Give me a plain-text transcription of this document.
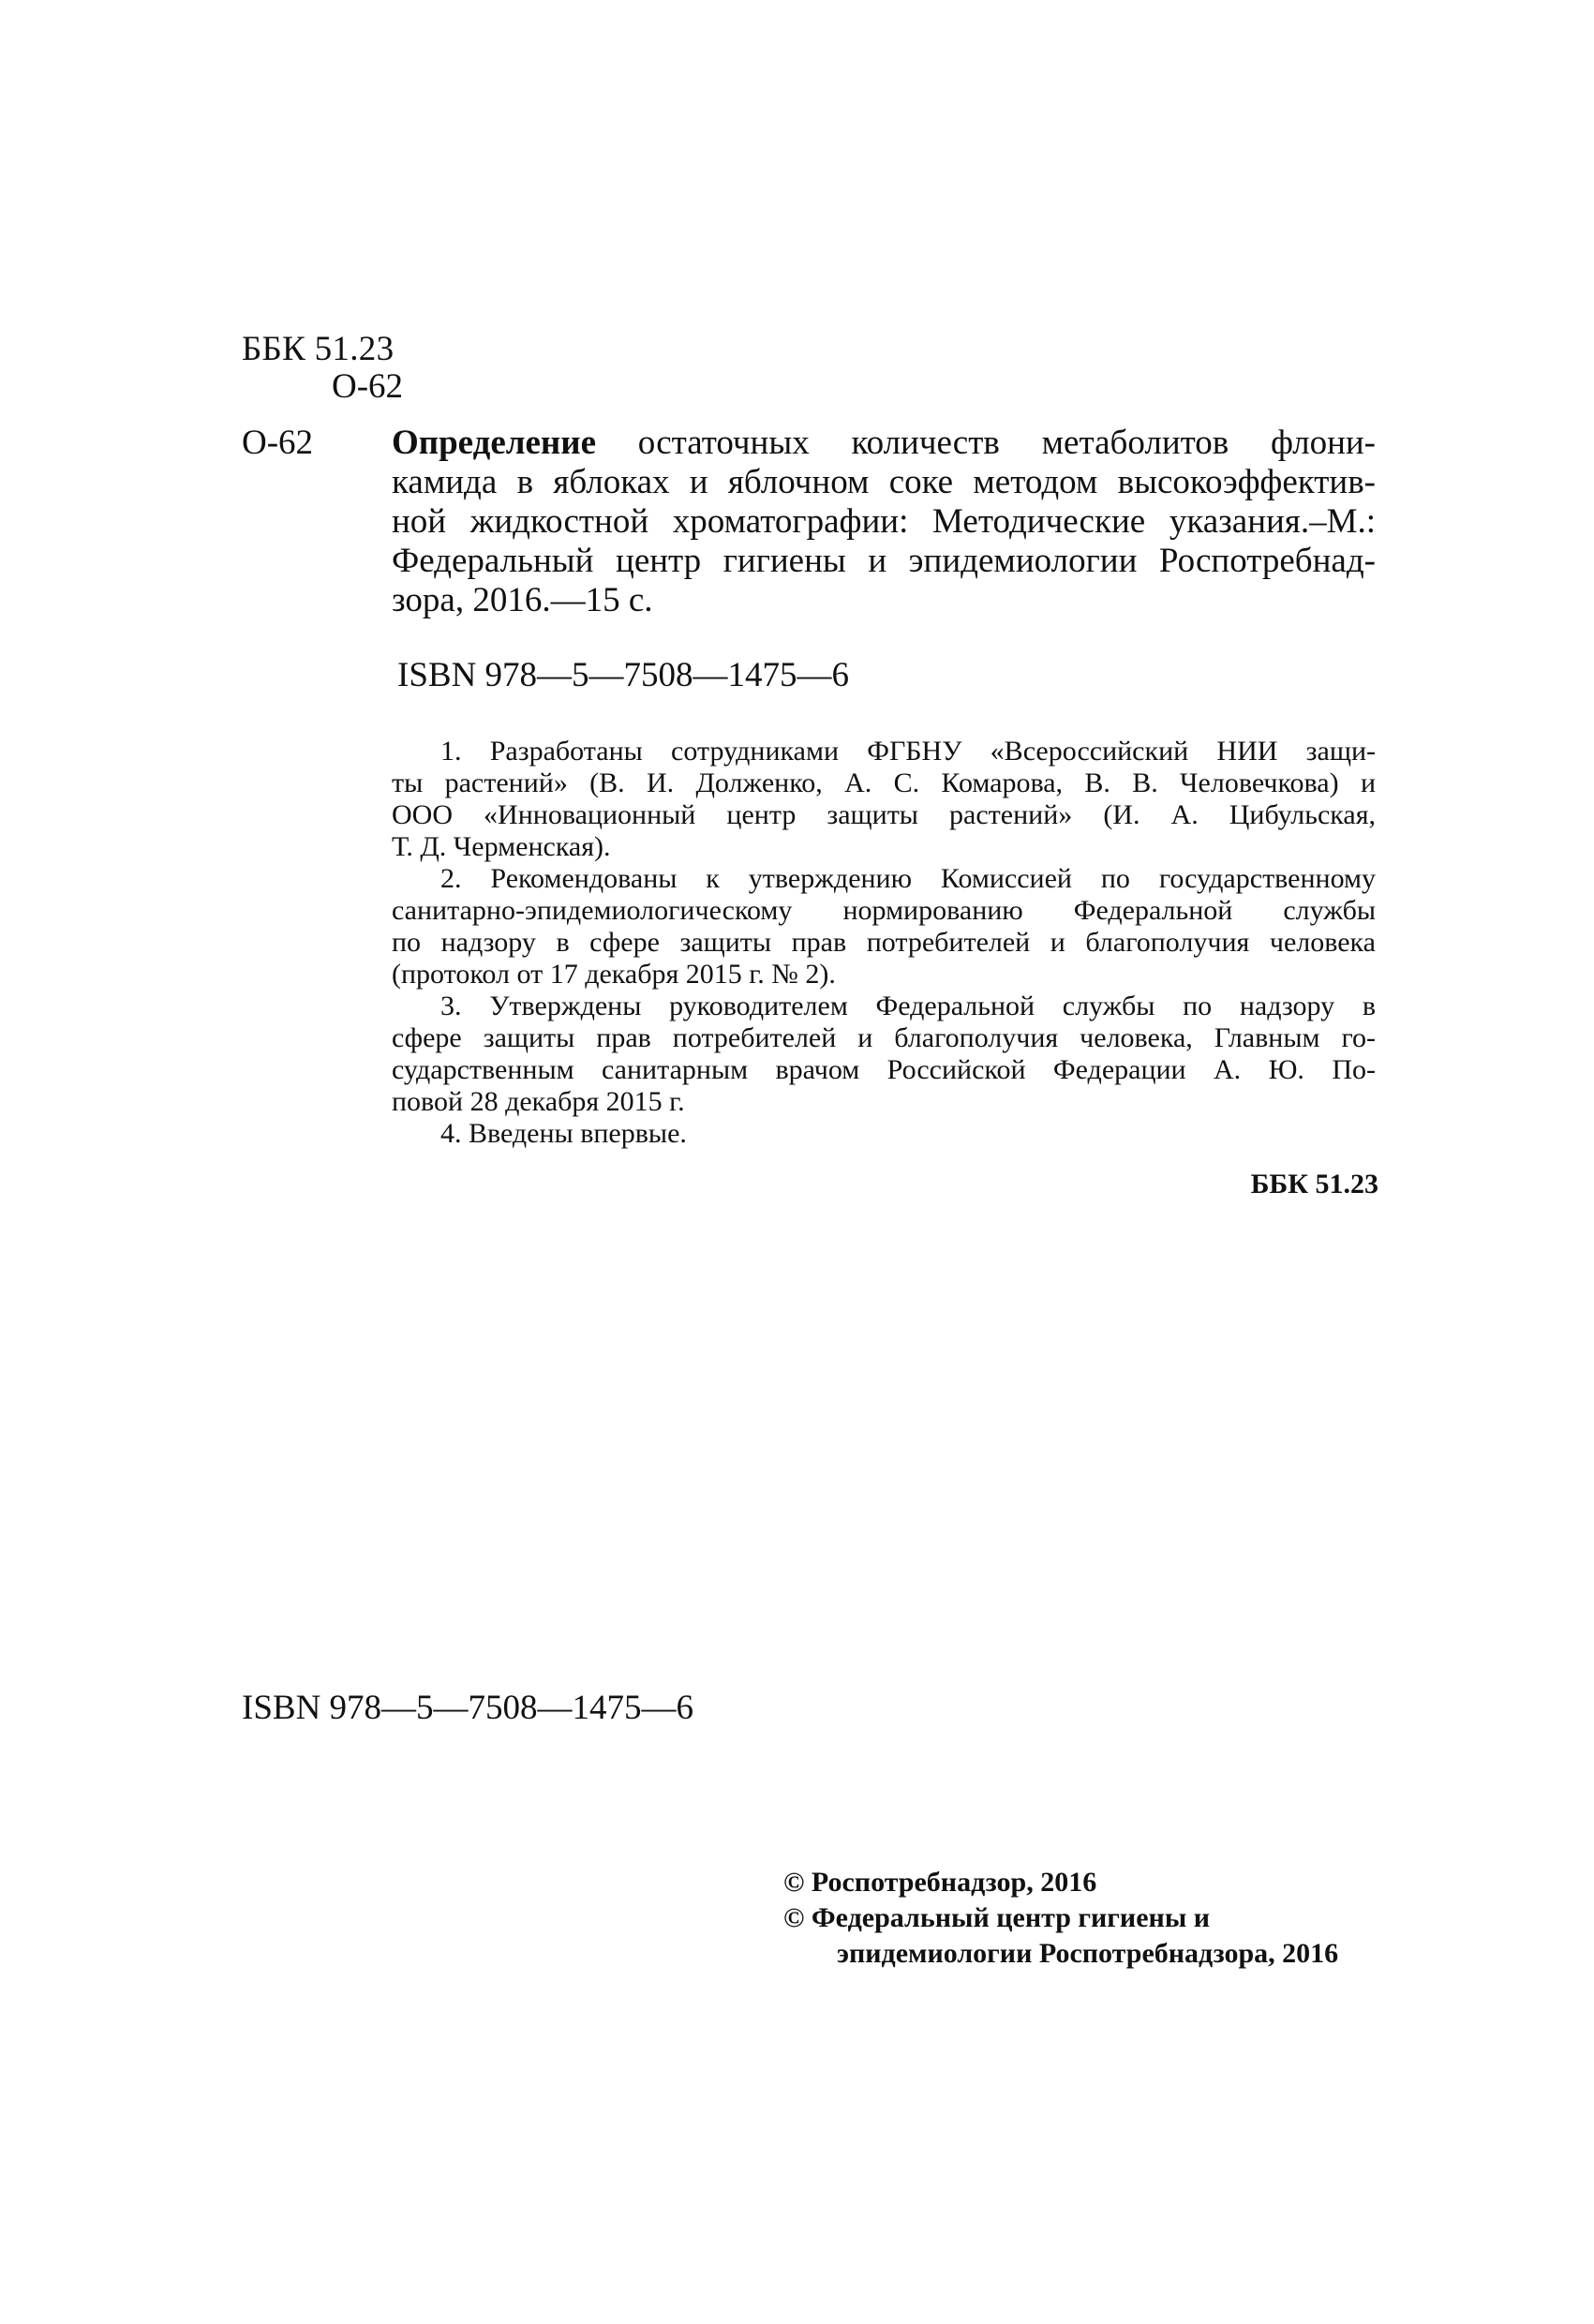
ББК 51.23
О-62
О-62 Определение остаточных количеств метаболитов флони-
камида в яблоках и яблочном соке методом высокоэффектив-
ной жидкостной хроматографии: Методические указания.–М.:
Федеральный центр гигиены и эпидемиологии Роспотребнад-
зора, 2016.—15 с.
ISBN 978—5—7508—1475—6
1. Разработаны сотрудниками ФГБНУ «Всероссийский НИИ защи-
ты растений» (В. И. Долженко, А. С. Комарова, В. В. Человечкова) и
ООО «Инновационный центр защиты растений» (И. А. Цибульская,
Т. Д. Черменская).
2. Рекомендованы к утверждению Комиссией по государственному
санитарно-эпидемиологическому нормированию Федеральной службы
по надзору в сфере защиты прав потребителей и благополучия человека
(протокол от 17 декабря 2015 г. № 2).
3. Утверждены руководителем Федеральной службы по надзору в
сфере защиты прав потребителей и благополучия человека, Главным го-
сударственным санитарным врачом Российской Федерации А. Ю. По-
повой 28 декабря 2015 г.
4. Введены впервые.
ББК 51.23
ISBN 978—5—7508—1475—6
© Роспотребнадзор, 2016
© Федеральный центр гигиены и
эпидемиологии Роспотребнадзора, 2016
